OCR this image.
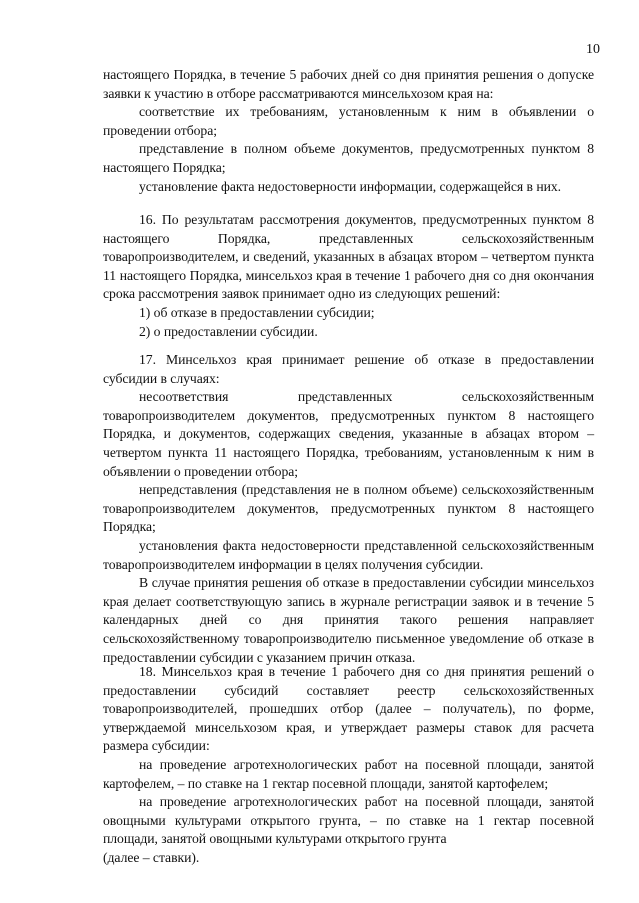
10

настоящего Порядка, в течение 5 рабочих дней со дня принятия решения о допуске заявки к участию в отборе рассматриваются минсельхозом края на:

соответствие их требованиям, установленным к ним в объявлении о проведении отбора;

представление в полном объеме документов, предусмотренных пунктом 8 настоящего Порядка;

установление факта недостоверности информации, содержащейся в них.

16. По результатам рассмотрения документов, предусмотренных пунктом 8 настоящего Порядка, представленных сельскохозяйственным товаропроизводителем, и сведений, указанных в абзацах втором – четвертом пункта 11 настоящего Порядка, минсельхоз края в течение 1 рабочего дня со дня окончания срока рассмотрения заявок принимает одно из следующих решений:

1) об отказе в предоставлении субсидии;

2) о предоставлении субсидии.

17. Минсельхоз края принимает решение об отказе в предоставлении субсидии в случаях:

несоответствия представленных сельскохозяйственным товаропроизводителем документов, предусмотренных пунктом 8 настоящего Порядка, и документов, содержащих сведения, указанные в абзацах втором – четвертом пункта 11 настоящего Порядка, требованиям, установленным к ним в объявлении о проведении отбора;

непредставления (представления не в полном объеме) сельскохозяйственным товаропроизводителем документов, предусмотренных пунктом 8 настоящего Порядка;

установления факта недостоверности представленной сельскохозяйственным товаропроизводителем информации в целях получения субсидии.

В случае принятия решения об отказе в предоставлении субсидии минсельхоз края делает соответствующую запись в журнале регистрации заявок и в течение 5 календарных дней со дня принятия такого решения направляет сельскохозяйственному товаропроизводителю письменное уведомление об отказе в предоставлении субсидии с указанием причин отказа.

18. Минсельхоз края в течение 1 рабочего дня со дня принятия решений о предоставлении субсидий составляет реестр сельскохозяйственных товаропроизводителей, прошедших отбор (далее – получатель), по форме, утверждаемой минсельхозом края, и утверждает размеры ставок для расчета размера субсидии:

на проведение агротехнологических работ на посевной площади, занятой картофелем, – по ставке на 1 гектар посевной площади, занятой картофелем;

на проведение агротехнологических работ на посевной площади, занятой овощными культурами открытого грунта, – по ставке на 1 гектар посевной площади, занятой овощными культурами открытого грунта

(далее – ставки).
